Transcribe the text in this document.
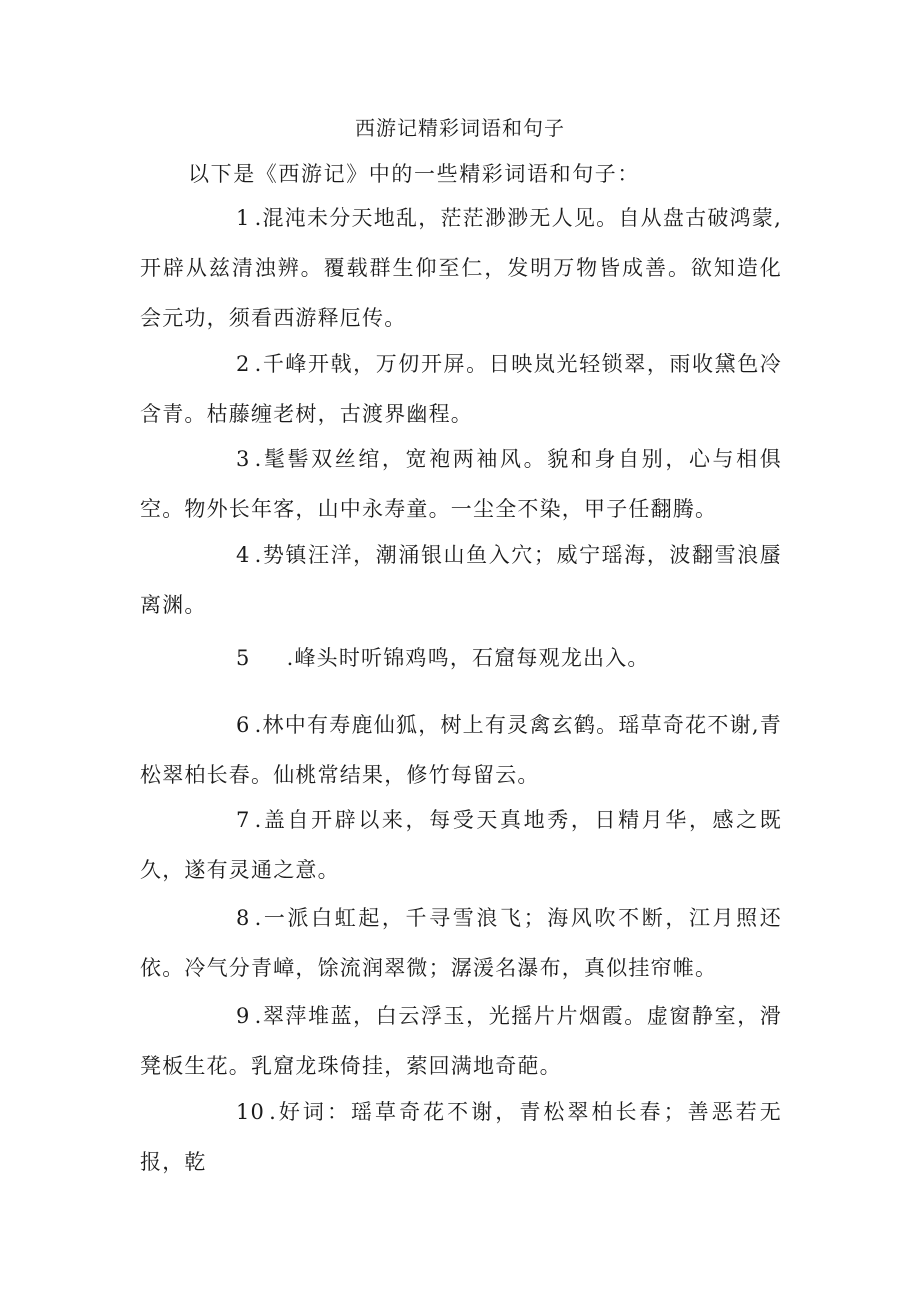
西游记精彩词语和句子
以下是《西游记》中的一些精彩词语和句子：

1 .混沌未分天地乱，茫茫渺渺无人见。自从盘古破鸿蒙,开辟从兹清浊辨。覆载群生仰至仁，发明万物皆成善。欲知造化会元功，须看西游释厄传。

2 .千峰开戟，万仞开屏。日映岚光轻锁翠，雨收黛色冷含青。枯藤缠老树，古渡界幽程。

3 .髦髻双丝绾，宽袍两袖风。貌和身自别，心与相俱空。物外长年客，山中永寿童。一尘全不染，甲子任翻腾。

4 .势镇汪洋，潮涌银山鱼入穴；威宁瑶海，波翻雪浪蜃离渊。

5 .峰头时听锦鸡鸣，石窟每观龙出入。

6 .林中有寿鹿仙狐，树上有灵禽玄鹤。瑶草奇花不谢,青松翠柏长春。仙桃常结果，修竹每留云。

7 .盖自开辟以来，每受天真地秀，日精月华，感之既久，遂有灵通之意。

8 .一派白虹起，千寻雪浪飞；海风吹不断，江月照还依。冷气分青嶂，馀流润翠微；潺湲名瀑布，真似挂帘帷。

9 .翠萍堆蓝，白云浮玉，光摇片片烟霞。虚窗静室，滑凳板生花。乳窟龙珠倚挂，萦回满地奇葩。

10 .好词：瑶草奇花不谢，青松翠柏长春；善恶若无报，乾
